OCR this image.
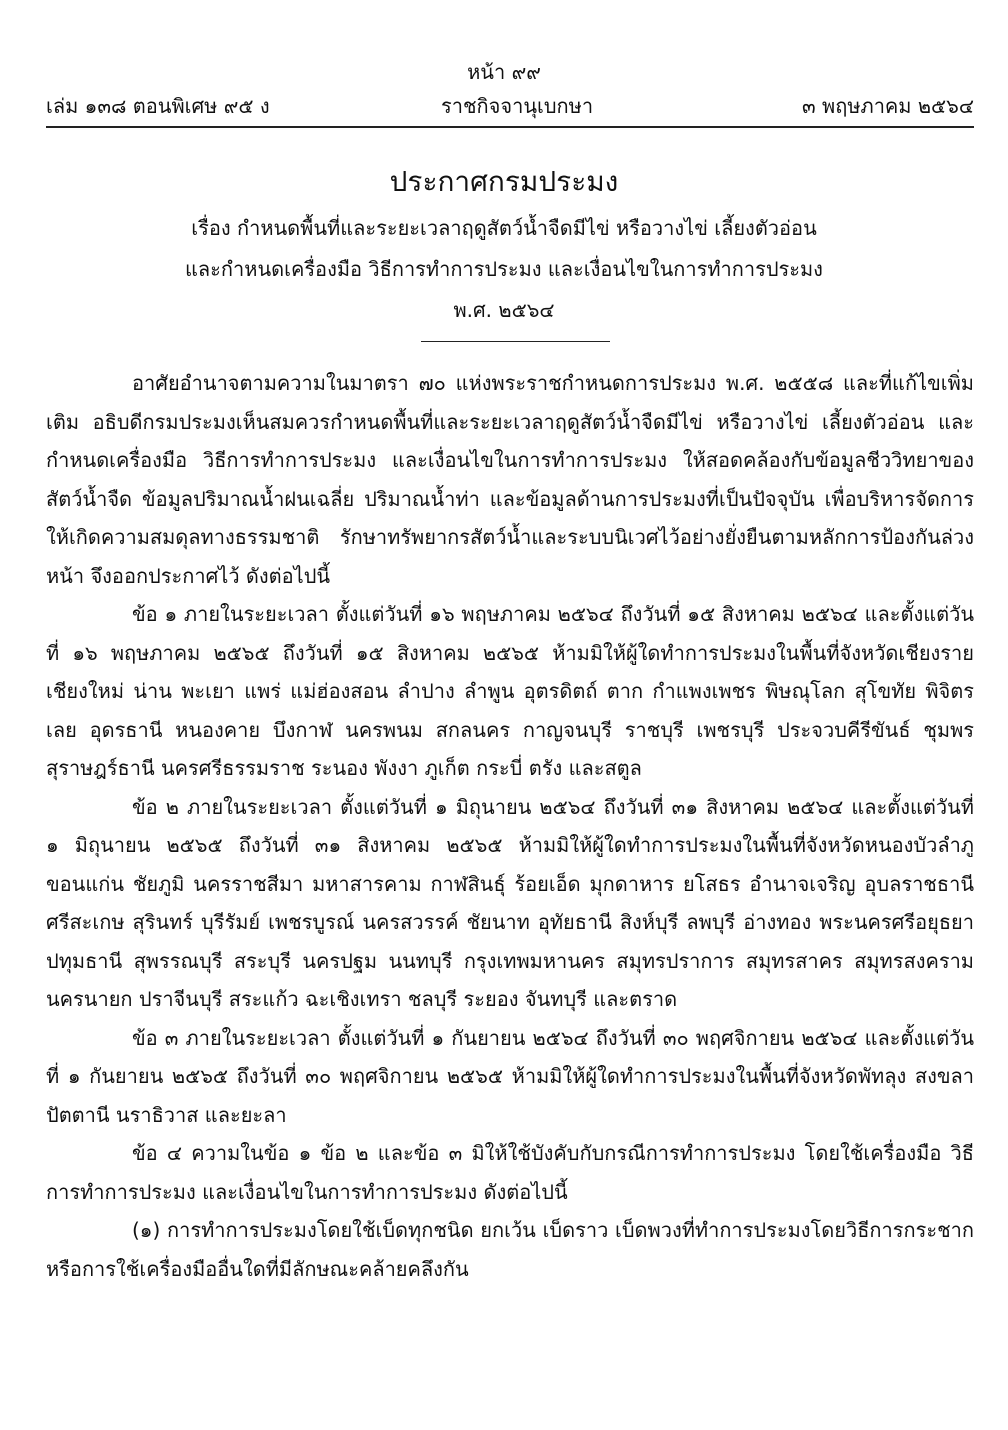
หน้า ๙๙
เล่ม ๑๓๘ ตอนพิเศษ ๙๕ ง	ราชกิจจานุเบกษา	๓ พฤษภาคม ๒๕๖๔
ประกาศกรมประมง
เรื่อง กำหนดพื้นที่และระยะเวลาฤดูสัตว์น้ำจืดมีไข่ หรือวางไข่ เลี้ยงตัวอ่อน
และกำหนดเครื่องมือ วิธีการทำการประมง และเงื่อนไขในการทำการประมง
พ.ศ. ๒๕๖๔

อาศัยอำนาจตามความในมาตรา ๗๐ แห่งพระราชกำหนดการประมง พ.ศ. ๒๕๕๘ และที่แก้ไขเพิ่มเติม อธิบดีกรมประมงเห็นสมควรกำหนดพื้นที่และระยะเวลาฤดูสัตว์น้ำจืดมีไข่ หรือวางไข่ เลี้ยงตัวอ่อน และกำหนดเครื่องมือ วิธีการทำการประมง และเงื่อนไขในการทำการประมง ให้สอดคล้องกับข้อมูลชีววิทยาของสัตว์น้ำจืด ข้อมูลปริมาณน้ำฝนเฉลี่ย ปริมาณน้ำท่า และข้อมูลด้านการประมงที่เป็นปัจจุบัน เพื่อบริหารจัดการให้เกิดความสมดุลทางธรรมชาติ รักษาทรัพยากรสัตว์น้ำและระบบนิเวศไว้อย่างยั่งยืนตามหลักการป้องกันล่วงหน้า จึงออกประกาศไว้ ดังต่อไปนี้

ข้อ ๑ ภายในระยะเวลา ตั้งแต่วันที่ ๑๖ พฤษภาคม ๒๕๖๔ ถึงวันที่ ๑๕ สิงหาคม ๒๕๖๔ และตั้งแต่วันที่ ๑๖ พฤษภาคม ๒๕๖๕ ถึงวันที่ ๑๕ สิงหาคม ๒๕๖๕ ห้ามมิให้ผู้ใดทำการประมงในพื้นที่จังหวัดเชียงราย เชียงใหม่ น่าน พะเยา แพร่ แม่ฮ่องสอน ลำปาง ลำพูน อุตรดิตถ์ ตาก กำแพงเพชร พิษณุโลก สุโขทัย พิจิตร เลย อุดรธานี หนองคาย บึงกาฬ นครพนม สกลนคร กาญจนบุรี ราชบุรี เพชรบุรี ประจวบคีรีขันธ์ ชุมพร สุราษฎร์ธานี นครศรีธรรมราช ระนอง พังงา ภูเก็ต กระบี่ ตรัง และสตูล

ข้อ ๒ ภายในระยะเวลา ตั้งแต่วันที่ ๑ มิถุนายน ๒๕๖๔ ถึงวันที่ ๓๑ สิงหาคม ๒๕๖๔ และตั้งแต่วันที่ ๑ มิถุนายน ๒๕๖๕ ถึงวันที่ ๓๑ สิงหาคม ๒๕๖๕ ห้ามมิให้ผู้ใดทำการประมงในพื้นที่จังหวัดหนองบัวลำภู ขอนแก่น ชัยภูมิ นครราชสีมา มหาสารคาม กาฬสินธุ์ ร้อยเอ็ด มุกดาหาร ยโสธร อำนาจเจริญ อุบลราชธานี ศรีสะเกษ สุรินทร์ บุรีรัมย์ เพชรบูรณ์ นครสวรรค์ ชัยนาท อุทัยธานี สิงห์บุรี ลพบุรี อ่างทอง พระนครศรีอยุธยา ปทุมธานี สุพรรณบุรี สระบุรี นครปฐม นนทบุรี กรุงเทพมหานคร สมุทรปราการ สมุทรสาคร สมุทรสงคราม นครนายก ปราจีนบุรี สระแก้ว ฉะเชิงเทรา ชลบุรี ระยอง จันทบุรี และตราด

ข้อ ๓ ภายในระยะเวลา ตั้งแต่วันที่ ๑ กันยายน ๒๕๖๔ ถึงวันที่ ๓๐ พฤศจิกายน ๒๕๖๔ และตั้งแต่วันที่ ๑ กันยายน ๒๕๖๕ ถึงวันที่ ๓๐ พฤศจิกายน ๒๕๖๕ ห้ามมิให้ผู้ใดทำการประมงในพื้นที่จังหวัดพัทลุง สงขลา ปัตตานี นราธิวาส และยะลา

ข้อ ๔ ความในข้อ ๑ ข้อ ๒ และข้อ ๓ มิให้ใช้บังคับกับกรณีการทำการประมง โดยใช้เครื่องมือ วิธีการทำการประมง และเงื่อนไขในการทำการประมง ดังต่อไปนี้

(๑) การทำการประมงโดยใช้เบ็ดทุกชนิด ยกเว้น เบ็ดราว เบ็ดพวงที่ทำการประมงโดยวิธีการกระชาก หรือการใช้เครื่องมืออื่นใดที่มีลักษณะคล้ายคลึงกัน
